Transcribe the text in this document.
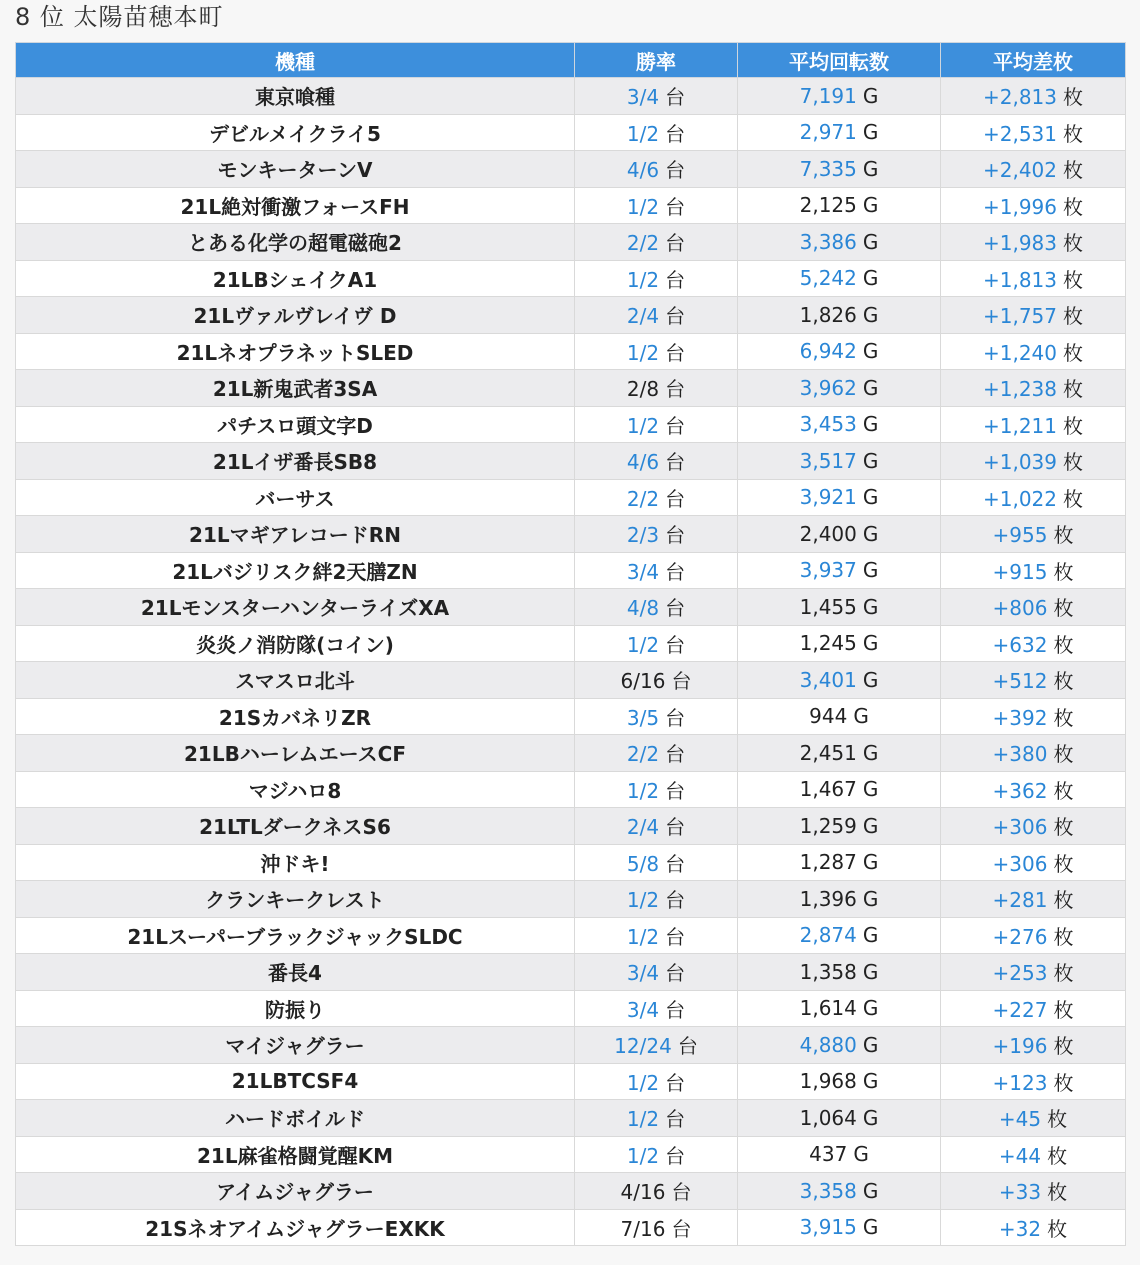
8 位 太陽苗穂本町
機種	勝率	平均回転数	平均差枚
東京喰種	3/4 台	7,191 G	+2,813 枚
デビルメイクライ5	1/2 台	2,971 G	+2,531 枚
モンキーターンV	4/6 台	7,335 G	+2,402 枚
21L絶対衝激フォースFH	1/2 台	2,125 G	+1,996 枚
とある化学の超電磁砲2	2/2 台	3,386 G	+1,983 枚
21LBシェイクA1	1/2 台	5,242 G	+1,813 枚
21Lヴァルヴレイヴ D	2/4 台	1,826 G	+1,757 枚
21LネオプラネットSLED	1/2 台	6,942 G	+1,240 枚
21L新鬼武者3SA	2/8 台	3,962 G	+1,238 枚
パチスロ頭文字D	1/2 台	3,453 G	+1,211 枚
21Lイザ番長SB8	4/6 台	3,517 G	+1,039 枚
バーサス	2/2 台	3,921 G	+1,022 枚
21LマギアレコードRN	2/3 台	2,400 G	+955 枚
21Lバジリスク絆2天膳ZN	3/4 台	3,937 G	+915 枚
21LモンスターハンターライズXA	4/8 台	1,455 G	+806 枚
炎炎ノ消防隊(コイン)	1/2 台	1,245 G	+632 枚
スマスロ北斗	6/16 台	3,401 G	+512 枚
21SカバネリZR	3/5 台	944 G	+392 枚
21LBハーレムエースCF	2/2 台	2,451 G	+380 枚
マジハロ8	1/2 台	1,467 G	+362 枚
21LTLダークネスS6	2/4 台	1,259 G	+306 枚
沖ドキ!	5/8 台	1,287 G	+306 枚
クランキークレスト	1/2 台	1,396 G	+281 枚
21LスーパーブラックジャックSLDC	1/2 台	2,874 G	+276 枚
番長4	3/4 台	1,358 G	+253 枚
防振り	3/4 台	1,614 G	+227 枚
マイジャグラー	12/24 台	4,880 G	+196 枚
21LBTCSF4	1/2 台	1,968 G	+123 枚
ハードボイルド	1/2 台	1,064 G	+45 枚
21L麻雀格闘覚醒KM	1/2 台	437 G	+44 枚
アイムジャグラー	4/16 台	3,358 G	+33 枚
21SネオアイムジャグラーEXKK	7/16 台	3,915 G	+32 枚
